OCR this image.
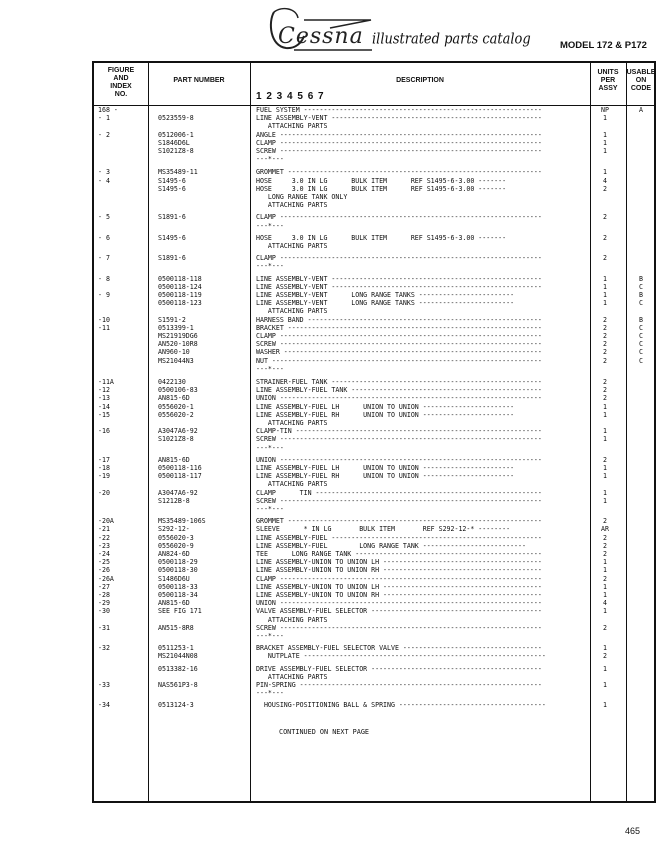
Cessna illustrated parts catalog	MODEL 172 & P172
FIGURE
AND
INDEX
NO.
PART NUMBER	DESCRIPTION
1 2 3 4 5 6 7
UNITS
PER
ASSY
USABLE
ON
CODE
168 -	FUEL SYSTEM ------------------------------------------------------------	NP	A
- 1	0523559-8	LINE ASSEMBLY-VENT -----------------------------------------------------	1
ATTACHING PARTS
- 2	0512006-1	ANGLE ------------------------------------------------------------------	1
S1846D6L	CLAMP ------------------------------------------------------------------	1
S1021Z8-8	SCREW ------------------------------------------------------------------	1
---*---
- 3	MS35489-11	GROMMET ----------------------------------------------------------------	1
- 4	S1495-6	HOSE     3.0 IN LG      BULK ITEM      REF S1495-6-3.00 -------	4
S1495-6	HOSE     3.0 IN LG      BULK ITEM      REF S1495-6-3.00 -------	2
LONG RANGE TANK ONLY
ATTACHING PARTS
- 5	S1891-6	CLAMP ------------------------------------------------------------------	2
---*---
- 6	S1495-6	HOSE     3.0 IN LG      BULK ITEM      REF S1495-6-3.00 -------	2
ATTACHING PARTS
- 7	S1891-6	CLAMP ------------------------------------------------------------------	2
---*---
- 8	0500118-118	LINE ASSEMBLY-VENT -----------------------------------------------------	1	B
0500118-124	LINE ASSEMBLY-VENT -----------------------------------------------------	1	C
- 9	0500118-119	LINE ASSEMBLY-VENT      LONG RANGE TANKS ------------------------	1	B
0500118-123	LINE ASSEMBLY-VENT      LONG RANGE TANKS ------------------------	1	C
ATTACHING PARTS
-10	S1591-2	HARNESS BAND -----------------------------------------------------------	2	B
-11	0513399-1	BRACKET ----------------------------------------------------------------	2	C
MS21919DG6	CLAMP ------------------------------------------------------------------	2	C
AN520-10R8	SCREW ------------------------------------------------------------------	2	C
AN960-10	WASHER -----------------------------------------------------------------	2	C
MS21044N3	NUT --------------------------------------------------------------------	2	C
---*---
-11A	0422130	STRAINER-FUEL TANK -----------------------------------------------------	2
-12	0500106-83	LINE ASSEMBLY-FUEL TANK ------------------------------------------------	2
-13	AN815-6D	UNION ------------------------------------------------------------------	2
-14	0556020-1	LINE ASSEMBLY-FUEL LH      UNION TO UNION -----------------------	1
-15	0556020-2	LINE ASSEMBLY-FUEL RH      UNION TO UNION -----------------------	1
ATTACHING PARTS
-16	A3047A6-92	CLAMP-TIN --------------------------------------------------------------	1
S1021Z8-8	SCREW ------------------------------------------------------------------	1
---*---
-17	AN815-6D	UNION ------------------------------------------------------------------	2
-18	0500118-116	LINE ASSEMBLY-FUEL LH      UNION TO UNION -----------------------	1
-19	0500118-117	LINE ASSEMBLY-FUEL RH      UNION TO UNION -----------------------	1
ATTACHING PARTS
-20	A3047A6-92	CLAMP      TIN ---------------------------------------------------------	1
S1212B-8	SCREW ------------------------------------------------------------------	1
---*---
-20A	MS35489-106S	GROMMET ----------------------------------------------------------------	2
-21	S292-12-	SLEEVE      * IN LG       BULK ITEM       REF S292-12-* --------	AR
-22	0556020-3	LINE ASSEMBLY-FUEL -----------------------------------------------------	2
-23	0556020-9	LINE ASSEMBLY-FUEL        LONG RANGE TANK --------------------------	2
-24	AN824-6D	TEE      LONG RANGE TANK -----------------------------------------------	2
-25	0500118-29	LINE ASSEMBLY-UNION TO UNION LH ----------------------------------------	1
-26	0500118-30	LINE ASSEMBLY-UNION TO UNION RH ----------------------------------------	1
-26A	S1486D6U	CLAMP ------------------------------------------------------------------	2
-27	0500118-33	LINE ASSEMBLY-UNION TO UNION LH ----------------------------------------	1
-28	0500118-34	LINE ASSEMBLY-UNION TO UNION RH ----------------------------------------	1
-29	AN815-6D	UNION ------------------------------------------------------------------	4
-30	SEE FIG 171	VALVE ASSEMBLY-FUEL SELECTOR -------------------------------------------	1
ATTACHING PARTS
-31	AN515-8R8	SCREW ------------------------------------------------------------------	2
---*---
-32	0511253-1	BRACKET ASSEMBLY-FUEL SELECTOR VALVE -----------------------------------	1
MS21044N08	NUTPLATE -------------------------------------------------------------	2
0513382-16	DRIVE ASSEMBLY-FUEL SELECTOR -------------------------------------------	1
ATTACHING PARTS
-33	NAS561P3-8	PIN-SPRING -------------------------------------------------------------	1
---*---
-34	0513124-3	HOUSING-POSITIONING BALL & SPRING -------------------------------------	1
CONTINUED ON NEXT PAGE
465
